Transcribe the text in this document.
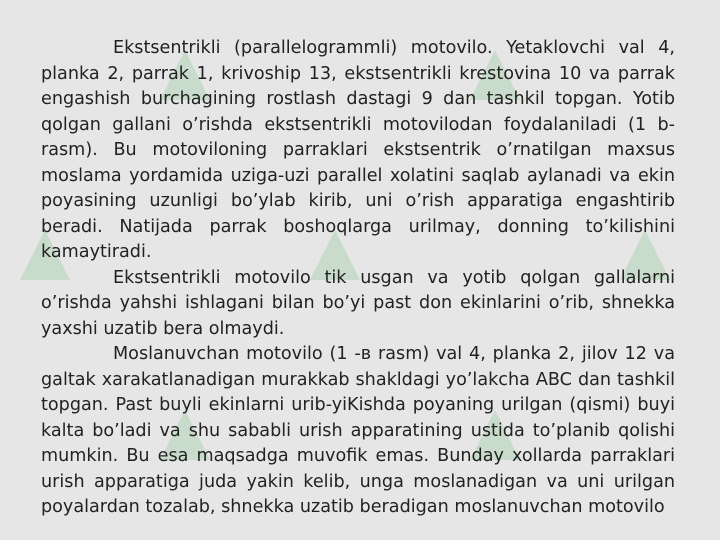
Ekstsentrikli (parallelogrammli) motovilo. Yetaklovchi val 4, planka 2, parrak 1, krivoship 13, ekstsentrikli krestovina 10 va parrak engashish burchagining rostlash dastagi 9 dan tashkil topgan. Yotib qolgan gallani o’rishda ekstsentrikli motovilodan foydalaniladi (1 b-rasm). Bu motoviloning parraklari ekstsentrik o’rnatilgan maxsus moslama yordamida uziga-uzi parallel xolatini saqlab aylanadi va ekin poyasining uzunligi bo’ylab kirib, uni o’rish apparatiga engashtirib beradi. Natijada parrak boshoqlarga urilmay, donning to’kilishini kamaytiradi.

Ekstsentrikli motovilo tik usgan va yotib qolgan gallalarni o’rishda yahshi ishlagani bilan bo’yi past don ekinlarini o’rib, shnekka yaxshi uzatib bera olmaydi.

Moslanuvchan motovilo (1 -в rasm) val 4, planka 2, jilov 12 va galtak xarakatlanadigan murakkab shakldagi yo’lakcha ABC dan tashkil topgan. Past buyli ekinlarni urib-yiKishda poyaning urilgan (qismi) buyi kalta bo’ladi va shu sababli urish apparatining ustida to’planib qolishi mumkin. Bu esa maqsadga muvofik emas. Bunday xollarda parraklari urish apparatiga juda yakin kelib, unga moslanadigan va uni urilgan poyalardan tozalab, shnekka uzatib beradigan moslanuvchan motovilo
